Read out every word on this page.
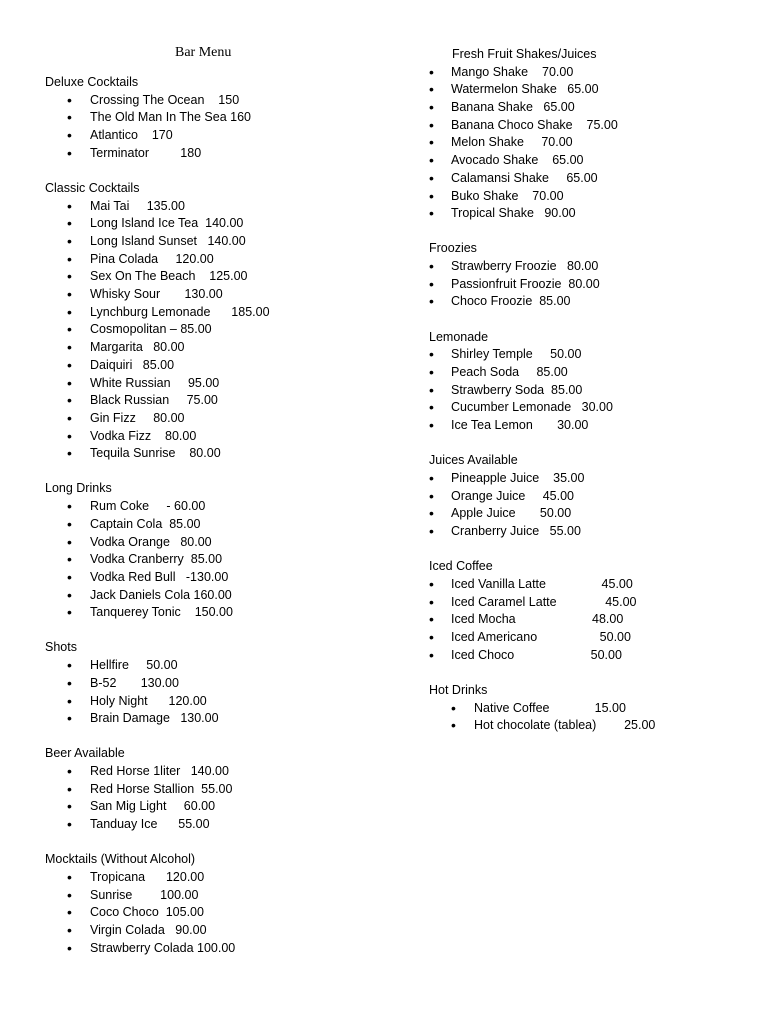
Bar Menu
Deluxe Cocktails
• Crossing The Ocean    150
• The Old Man In The Sea 160
• Atlantico    170
• Terminator         180
Classic Cocktails
• Mai Tai     135.00
• Long Island Ice Tea  140.00
• Long Island Sunset   140.00
• Pina Colada     120.00
• Sex On The Beach    125.00
• Whisky Sour       130.00
• Lynchburg Lemonade      185.00
• Cosmopolitan – 85.00
• Margarita   80.00
• Daiquiri   85.00
• White Russian     95.00
• Black Russian     75.00
• Gin Fizz     80.00
• Vodka Fizz    80.00
• Tequila Sunrise    80.00
Long Drinks
• Rum Coke     - 60.00
• Captain Cola  85.00
• Vodka Orange   80.00
• Vodka Cranberry  85.00
• Vodka Red Bull   -130.00
• Jack Daniels Cola 160.00
• Tanquerey Tonic    150.00
Shots
• Hellfire     50.00
• B-52       130.00
• Holy Night      120.00
• Brain Damage   130.00
Beer Available
• Red Horse 1liter   140.00
• Red Horse Stallion  55.00
• San Mig Light     60.00
• Tanduay Ice      55.00
Mocktails (Without Alcohol)
• Tropicana      120.00
• Sunrise        100.00
• Coco Choco  105.00
• Virgin Colada   90.00
• Strawberry Colada 100.00
Fresh Fruit Shakes/Juices
• Mango Shake    70.00
• Watermelon Shake   65.00
• Banana Shake   65.00
• Banana Choco Shake    75.00
• Melon Shake     70.00
• Avocado Shake    65.00
• Calamansi Shake     65.00
• Buko Shake    70.00
• Tropical Shake   90.00
Froozies
• Strawberry Froozie   80.00
• Passionfruit Froozie  80.00
• Choco Froozie  85.00
Lemonade
• Shirley Temple     50.00
• Peach Soda     85.00
• Strawberry Soda  85.00
• Cucumber Lemonade   30.00
• Ice Tea Lemon       30.00
Juices Available
• Pineapple Juice    35.00
• Orange Juice     45.00
• Apple Juice       50.00
• Cranberry Juice   55.00
Iced Coffee
• Iced Vanilla Latte                45.00
• Iced Caramel Latte              45.00
• Iced Mocha                      48.00
• Iced Americano                  50.00
• Iced Choco                      50.00
Hot Drinks
• Native Coffee             15.00
• Hot chocolate (tablea)        25.00
